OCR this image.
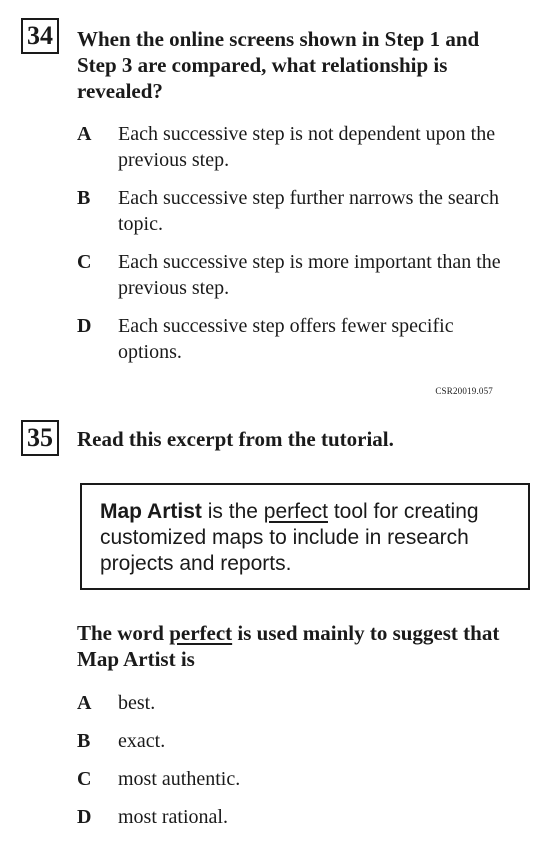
34 When the online screens shown in Step 1 and Step 3 are compared, what relationship is revealed?
A Each successive step is not dependent upon the previous step.
B Each successive step further narrows the search topic.
C Each successive step is more important than the previous step.
D Each successive step offers fewer specific options.
CSR20019.057
35 Read this excerpt from the tutorial.
Map Artist is the perfect tool for creating customized maps to include in research projects and reports.
The word perfect is used mainly to suggest that Map Artist is
A best.
B exact.
C most authentic.
D most rational.
